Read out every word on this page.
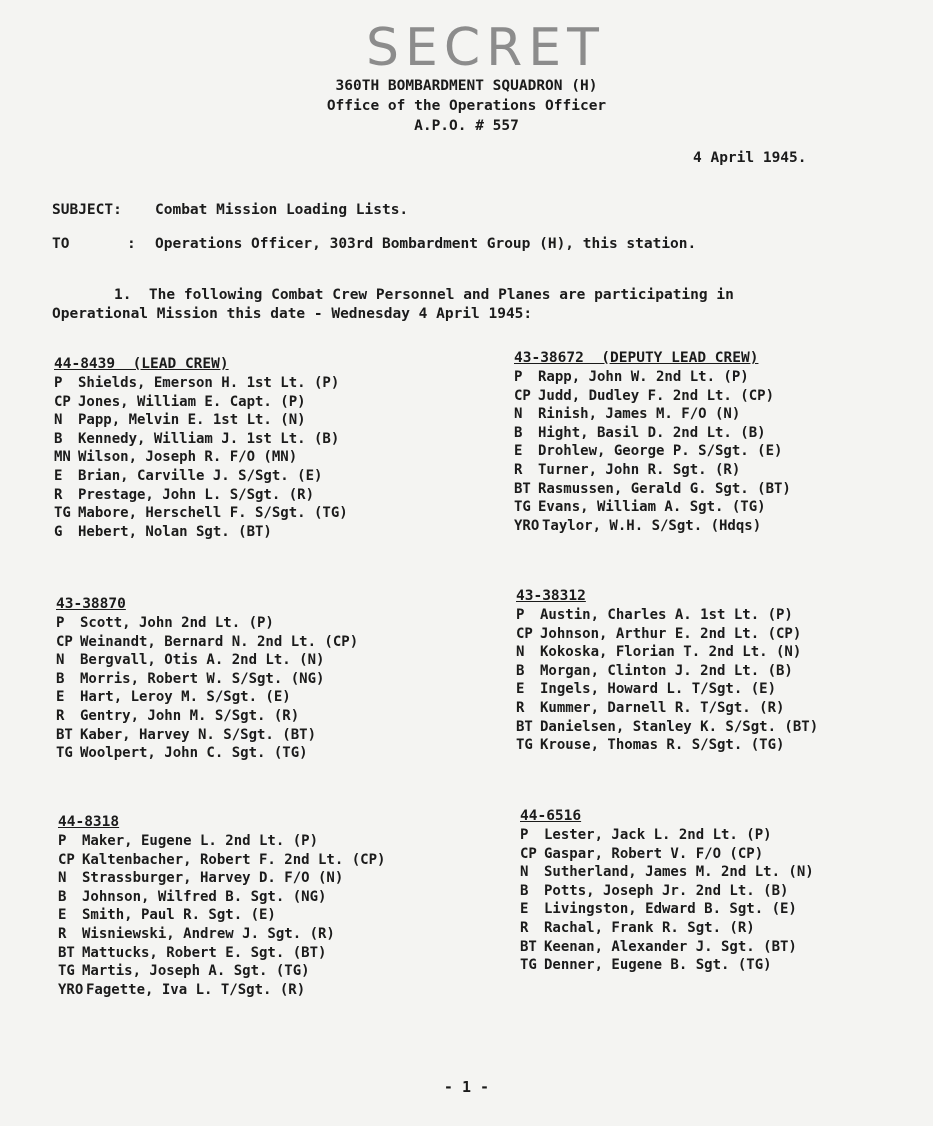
SECRET
360TH BOMBARDMENT SQUADRON (H)
Office of the Operations Officer
A.P.O. # 557
4 April 1945.
SUBJECT: Combat Mission Loading Lists.
TO	: Operations Officer, 303rd Bombardment Group (H), this station.
1.  The following Combat Crew Personnel and Planes are participating in
Operational Mission this date - Wednesday 4 April 1945:
44-8439  (LEAD CREW)
P	Shields, Emerson H. 1st Lt. (P)
CP Jones, William E. Capt. (P)
N	Papp, Melvin E. 1st Lt. (N)
B	Kennedy, William J. 1st Lt. (B)
MN Wilson, Joseph R. F/O (MN)
E	Brian, Carville J. S/Sgt. (E)
R	Prestage, John L. S/Sgt. (R)
TG Mabore, Herschell F. S/Sgt. (TG)
G	Hebert, Nolan Sgt. (BT)
43-38672  (DEPUTY LEAD CREW)
P	Rapp, John W. 2nd Lt. (P)
CP Judd, Dudley F. 2nd Lt. (CP)
N	Rinish, James M. F/O (N)
B	Hight, Basil D. 2nd Lt. (B)
E	Drohlew, George P. S/Sgt. (E)
R	Turner, John R. Sgt. (R)
BT Rasmussen, Gerald G. Sgt. (BT)
TG Evans, William A. Sgt. (TG)
YRO Taylor, W.H. S/Sgt. (Hdqs)
43-38870
P	Scott, John 2nd Lt. (P)
CP Weinandt, Bernard N. 2nd Lt. (CP)
N	Bergvall, Otis A. 2nd Lt. (N)
B	Morris, Robert W. S/Sgt. (NG)
E	Hart, Leroy M. S/Sgt. (E)
R	Gentry, John M. S/Sgt. (R)
BT Kaber, Harvey N. S/Sgt. (BT)
TG Woolpert, John C. Sgt. (TG)
43-38312
P	Austin, Charles A. 1st Lt. (P)
CP Johnson, Arthur E. 2nd Lt. (CP)
N	Kokoska, Florian T. 2nd Lt. (N)
B	Morgan, Clinton J. 2nd Lt. (B)
E	Ingels, Howard L. T/Sgt. (E)
R	Kummer, Darnell R. T/Sgt. (R)
BT Danielsen, Stanley K. S/Sgt. (BT)
TG Krouse, Thomas R. S/Sgt. (TG)
44-8318
P	Maker, Eugene L. 2nd Lt. (P)
CP Kaltenbacher, Robert F. 2nd Lt. (CP)
N	Strassburger, Harvey D. F/O (N)
B	Johnson, Wilfred B. Sgt. (NG)
E	Smith, Paul R. Sgt. (E)
R	Wisniewski, Andrew J. Sgt. (R)
BT Mattucks, Robert E. Sgt. (BT)
TG Martis, Joseph A. Sgt. (TG)
YRO Fagette, Iva L. T/Sgt. (R)
44-6516
P	Lester, Jack L. 2nd Lt. (P)
CP Gaspar, Robert V. F/O (CP)
N	Sutherland, James M. 2nd Lt. (N)
B	Potts, Joseph Jr. 2nd Lt. (B)
E	Livingston, Edward B. Sgt. (E)
R	Rachal, Frank R. Sgt. (R)
BT Keenan, Alexander J. Sgt. (BT)
TG Denner, Eugene B. Sgt. (TG)
- 1 -
